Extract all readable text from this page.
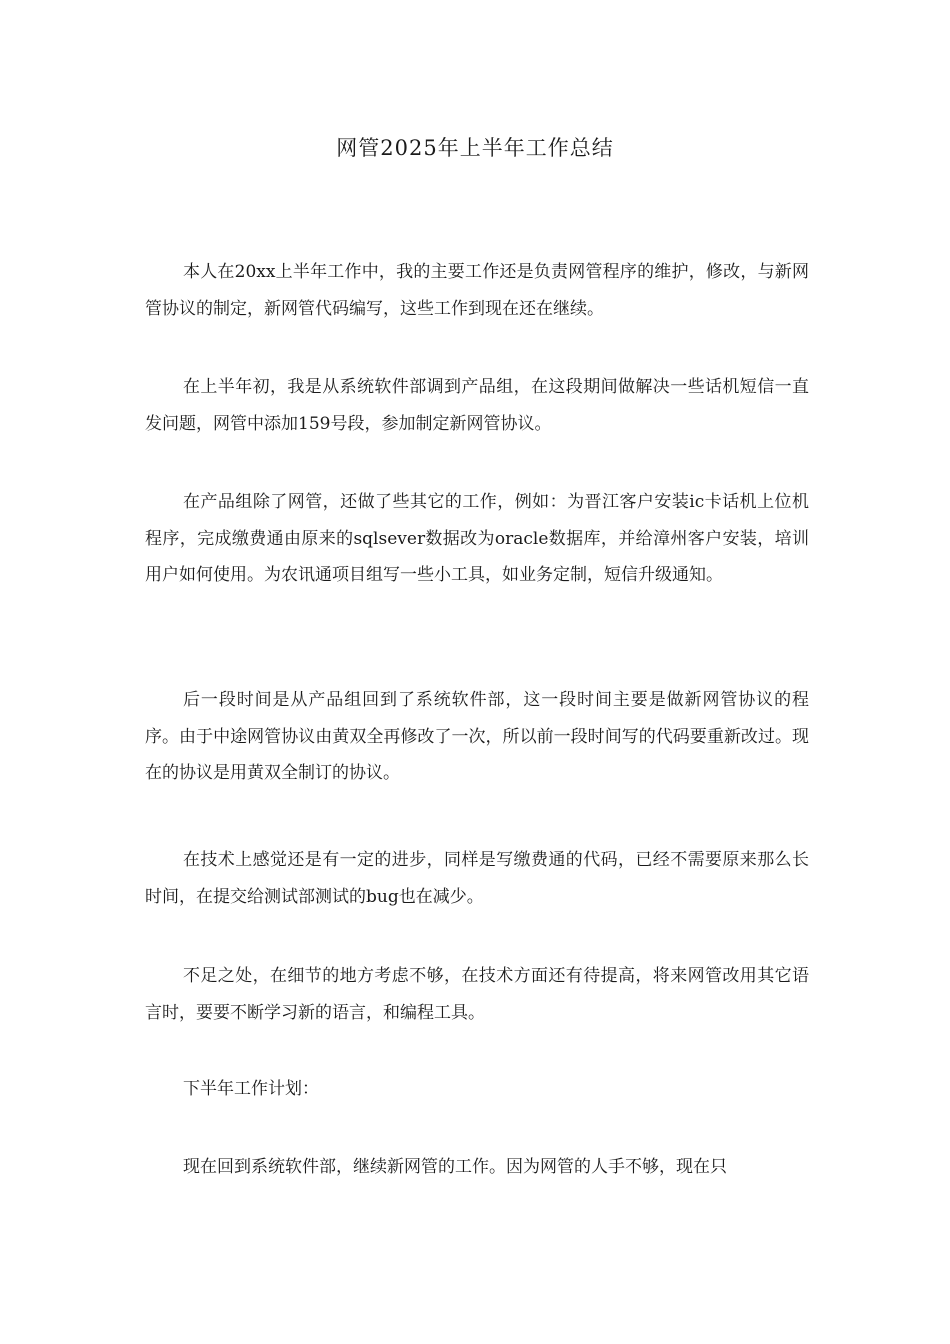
网管2025年上半年工作总结

本人在20xx上半年工作中，我的主要工作还是负责网管程序的维护，修改，与新网管协议的制定，新网管代码编写，这些工作到现在还在继续。

在上半年初，我是从系统软件部调到产品组，在这段期间做解决一些话机短信一直发问题，网管中添加159号段，参加制定新网管协议。

在产品组除了网管，还做了些其它的工作，例如：为晋江客户安装ic卡话机上位机程序，完成缴费通由原来的sqlsever数据改为oracle数据库，并给漳州客户安装，培训用户如何使用。为农讯通项目组写一些小工具，如业务定制，短信升级通知。

后一段时间是从产品组回到了系统软件部，这一段时间主要是做新网管协议的程序。由于中途网管协议由黄双全再修改了一次，所以前一段时间写的代码要重新改过。现在的协议是用黄双全制订的协议。

在技术上感觉还是有一定的进步，同样是写缴费通的代码，已经不需要原来那么长时间，在提交给测试部测试的bug也在减少。

不足之处，在细节的地方考虑不够，在技术方面还有待提高，将来网管改用其它语言时，要要不断学习新的语言，和编程工具。

下半年工作计划：

现在回到系统软件部，继续新网管的工作。因为网管的人手不够，现在只
